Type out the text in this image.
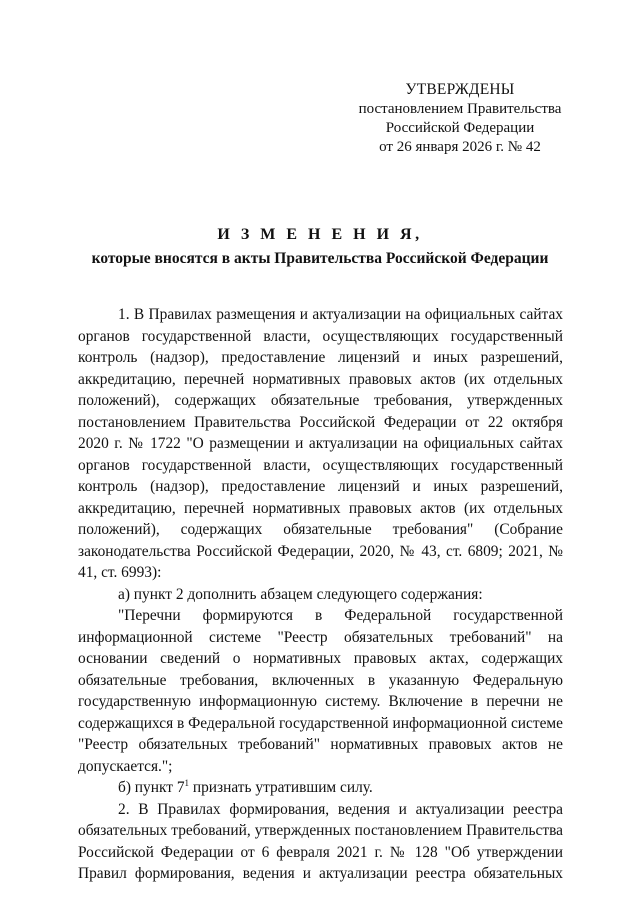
УТВЕРЖДЕНЫ
постановлением Правительства
Российской Федерации
от 26 января 2026 г. № 42
И З М Е Н Е Н И Я,
которые вносятся в акты Правительства Российской Федерации

1. В Правилах размещения и актуализации на официальных сайтах органов государственной власти, осуществляющих государственный контроль (надзор), предоставление лицензий и иных разрешений, аккредитацию, перечней нормативных правовых актов (их отдельных положений), содержащих обязательные требования, утвержденных постановлением Правительства Российской Федерации от 22 октября 2020 г. № 1722 "О размещении и актуализации на официальных сайтах органов государственной власти, осуществляющих государственный контроль (надзор), предоставление лицензий и иных разрешений, аккредитацию, перечней нормативных правовых актов (их отдельных положений), содержащих обязательные требования" (Собрание законодательства Российской Федерации, 2020, № 43, ст. 6809; 2021, № 41, ст. 6993):

а) пункт 2 дополнить абзацем следующего содержания:

"Перечни формируются в Федеральной государственной информационной системе "Реестр обязательных требований" на основании сведений о нормативных правовых актах, содержащих обязательные требования, включенных в указанную Федеральную государственную информационную систему. Включение в перечни не содержащихся в Федеральной государственной информационной системе "Реестр обязательных требований" нормативных правовых актов не допускается.";

б) пункт $7^1$ признать утратившим силу.

2. В Правилах формирования, ведения и актуализации реестра обязательных требований, утвержденных постановлением Правительства Российской Федерации от 6 февраля 2021 г. № 128 "Об утверждении Правил формирования, ведения и актуализации реестра обязательных
